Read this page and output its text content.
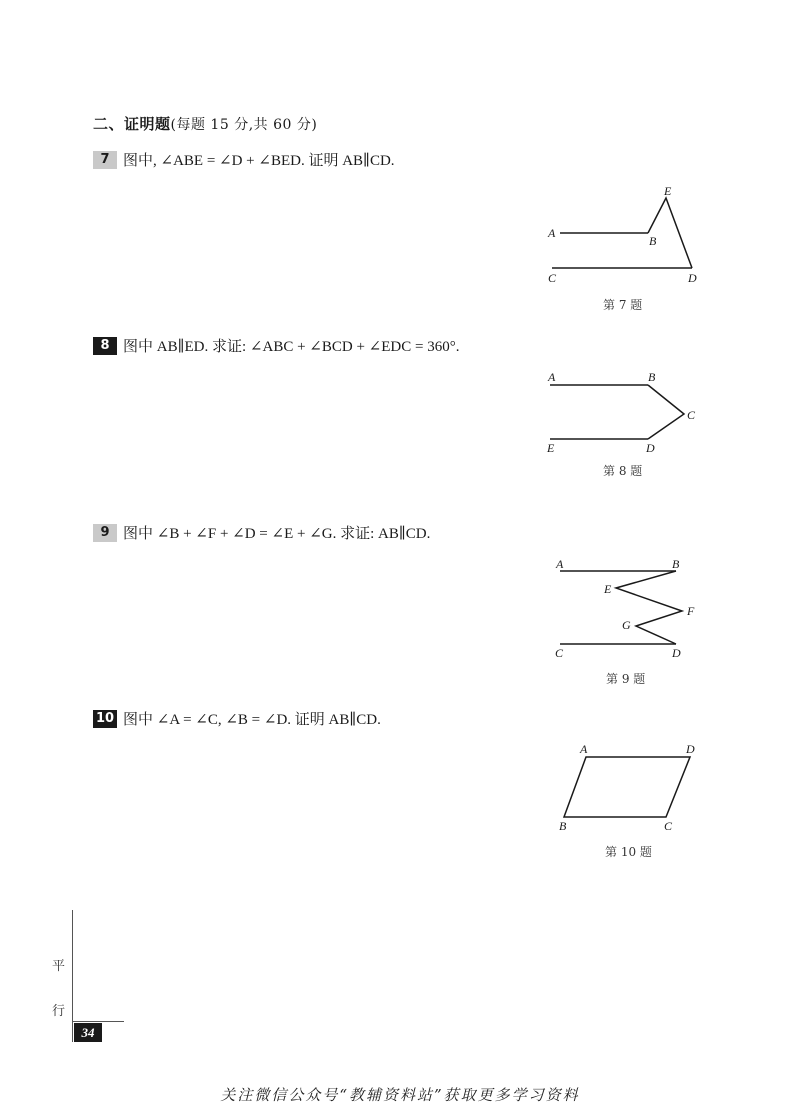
二、证明题(每题 15 分,共 60 分)
7 图中, ∠ABE = ∠D + ∠BED. 证明 AB∥CD.
A
B
E
C	D
第 7 题
8 图中 AB∥ED. 求证: ∠ABC + ∠BCD + ∠EDC = 360°.
A	B
C
E	D
第 8 题
9 图中 ∠B + ∠F + ∠D = ∠E + ∠G. 求证: AB∥CD.
A	B
E
F
G
C	D
第 9 题
10 图中 ∠A = ∠C, ∠B = ∠D. 证明 AB∥CD.
A	D
B	C
第 10 题
平
行
34
关注微信公众号“教辅资料站”获取更多学习资料
